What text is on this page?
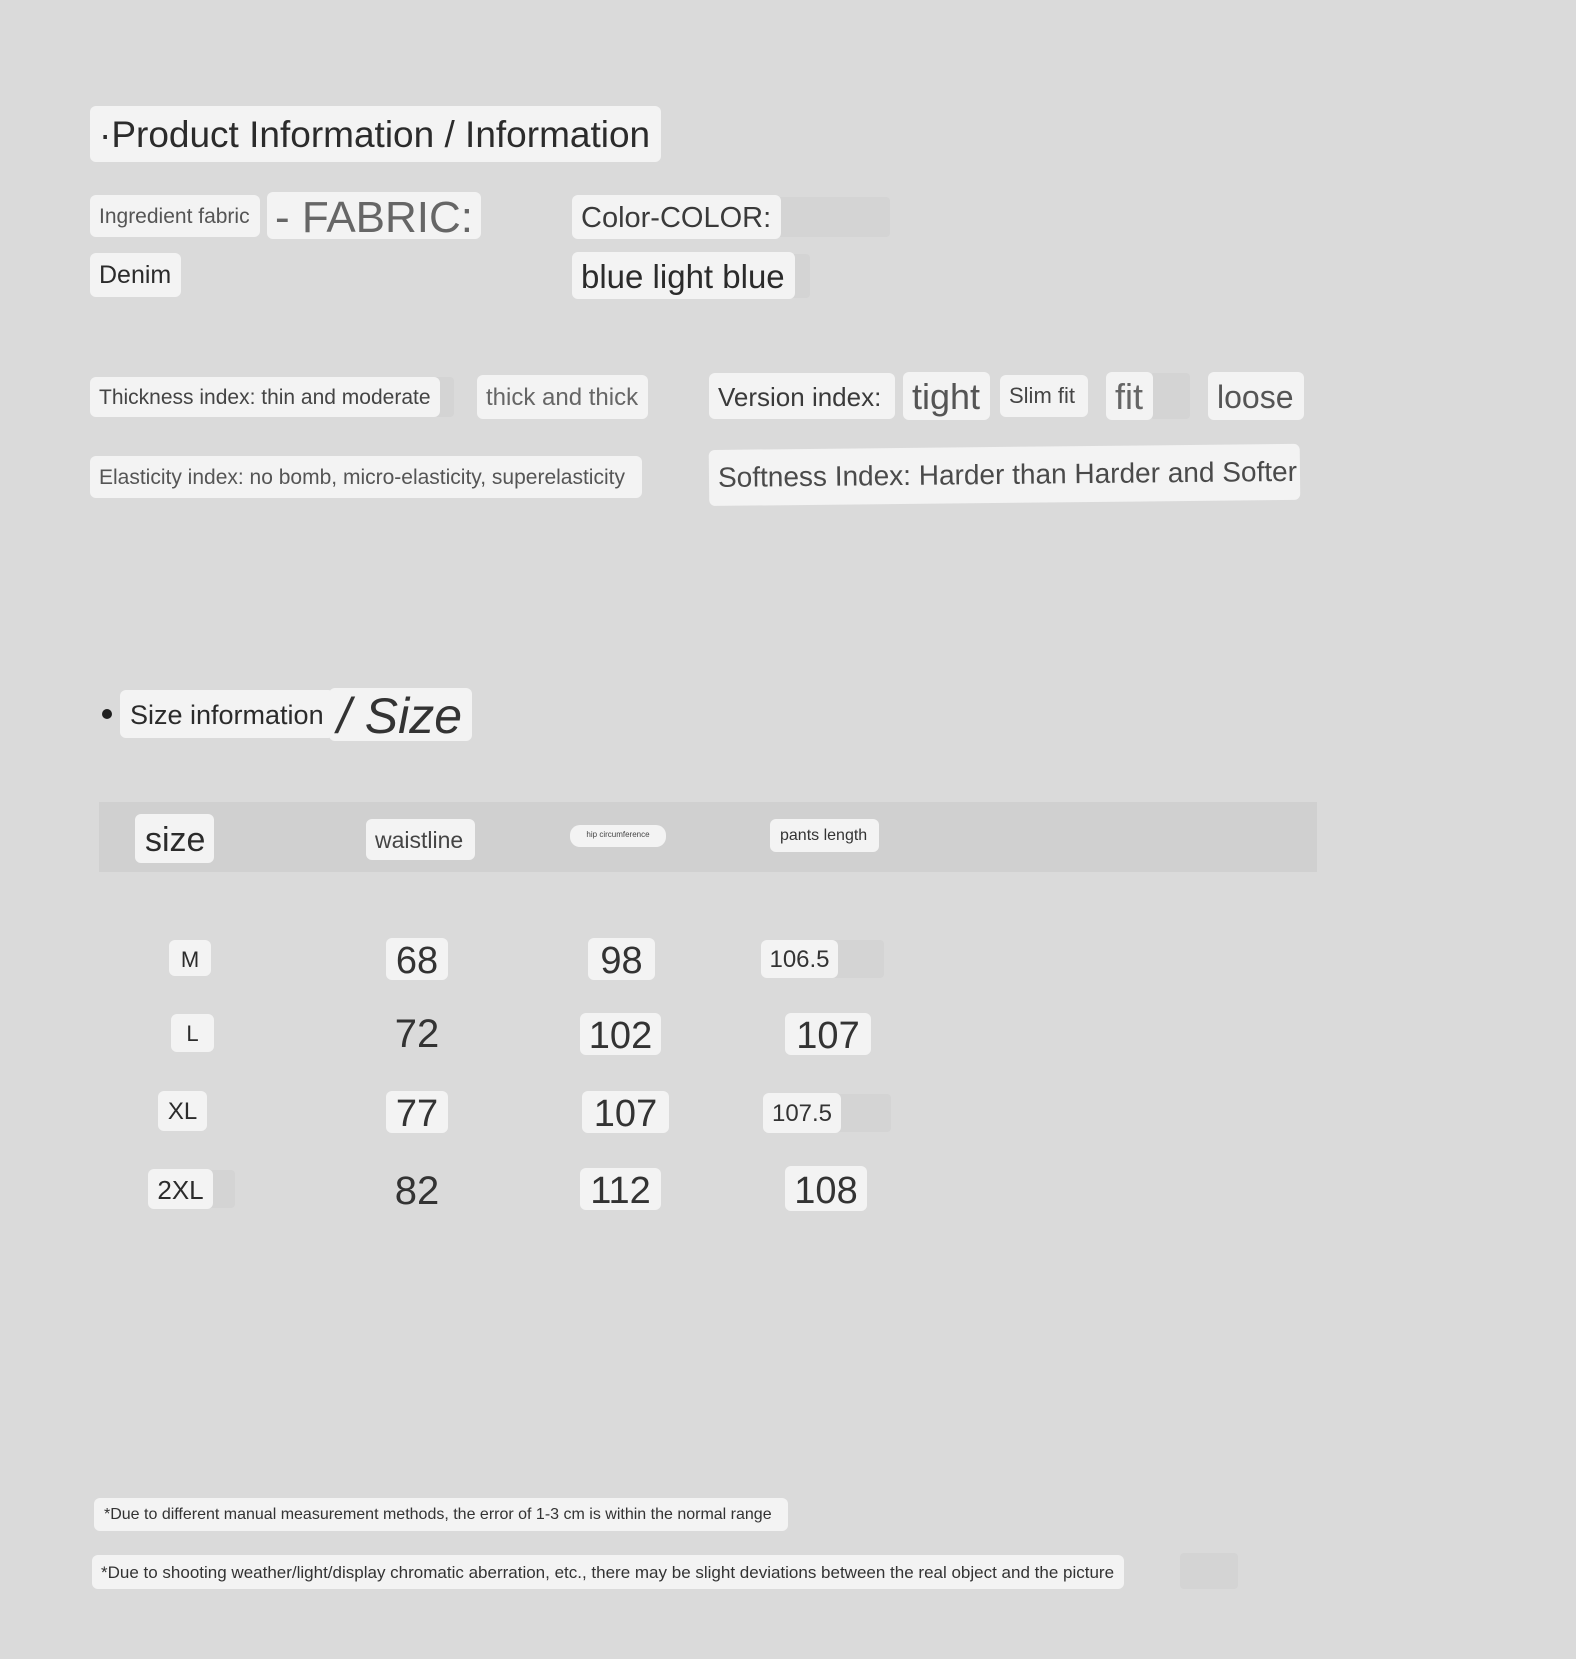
·Product Information / Information
Ingredient fabric - FABRIC:
Denim
Color-COLOR:
blue light blue
Thickness index: thin and moderate	thick and thick	Version index: tight	Slim fit	fit	loose
Elasticity index: no bomb, micro-elasticity, superelasticity	Softness Index: Harder than Harder and Softer
Size information / Size
size	waistline	hip circumference	pants length
M	68	98	106.5
L	72	102	107
XL	77	107	107.5
2XL	82	112	108
*Due to different manual measurement methods, the error of 1-3 cm is within the normal range
*Due to shooting weather/light/display chromatic aberration, etc., there may be slight deviations between the real object and the picture
